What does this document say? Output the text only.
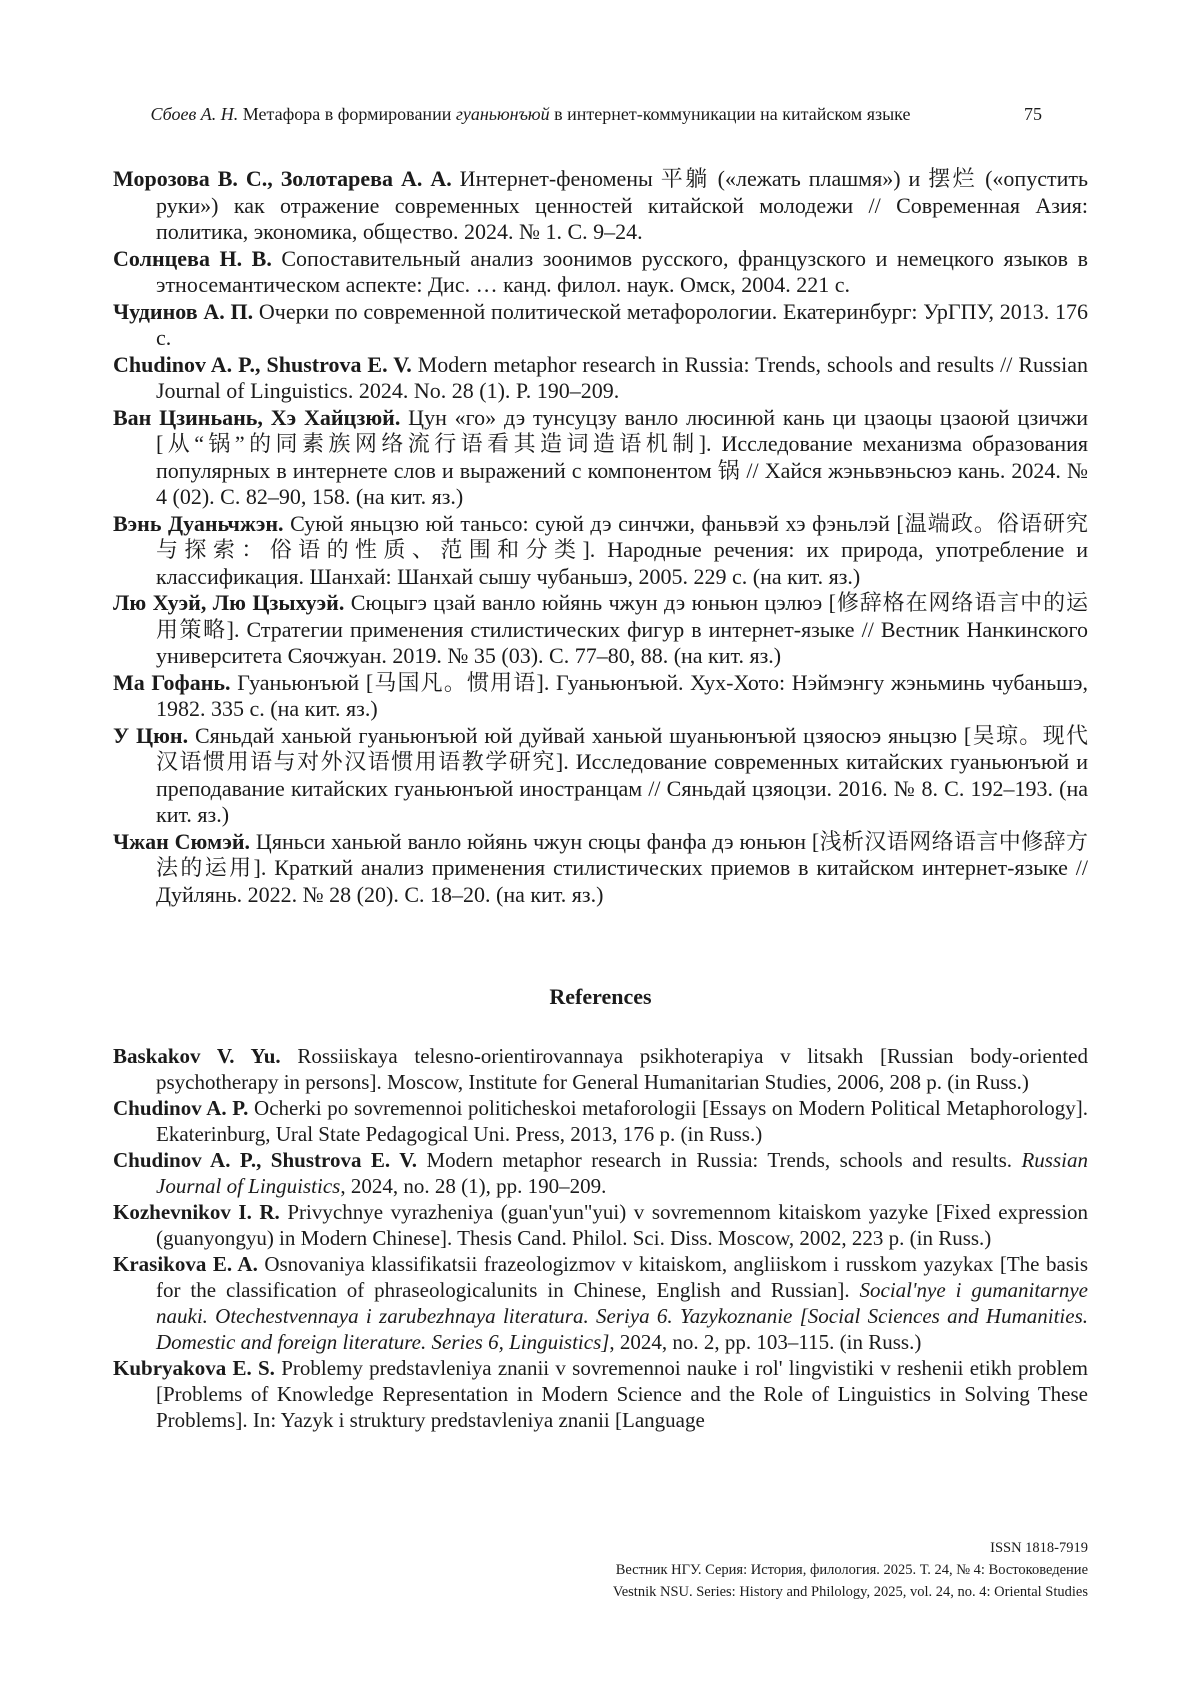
Сбоев А. Н. Метафора в формировании гуаньюнъюй в интернет-коммуникации на китайском языке	75

Морозова В. С., Золотарева А. А. Интернет-феномены 平躺 («лежать плашмя») и 摆烂 («опустить руки») как отражение современных ценностей китайской молодежи // Современная Азия: политика, экономика, общество. 2024. № 1. С. 9–24.

Солнцева Н. В. Сопоставительный анализ зоонимов русского, французского и немецкого языков в этносемантическом аспекте: Дис. … канд. филол. наук. Омск, 2004. 221 с.

Чудинов А. П. Очерки по современной политической метафорологии. Екатеринбург: УрГПУ, 2013. 176 с.

Chudinov A. P., Shustrova E. V. Modern metaphor research in Russia: Trends, schools and results // Russian Journal of Linguistics. 2024. No. 28 (1). P. 190–209.

Ван Цзиньань, Хэ Хайцзюй. Цун «го» дэ тунсуцзу ванло люсинюй кань ци цзаоцы цзаоюй цзичжи [从“锅”的同素族网络流行语看其造词造语机制]. Исследование механизма образования популярных в интернете слов и выражений с компонентом 锅 // Хайся жэньвэньсюэ кань. 2024. № 4 (02). С. 82–90, 158. (на кит. яз.)

Вэнь Дуаньчжэн. Суюй яньцзю юй таньсо: суюй дэ синчжи, фаньвэй хэ фэньлэй [温端政。俗语研究与探索：俗语的性质、范围和分类]. Народные речения: их природа, употребление и классификация. Шанхай: Шанхай сышу чубаньшэ, 2005. 229 с. (на кит. яз.)

Лю Хуэй, Лю Цзыхуэй. Сюцыгэ цзай ванло юйянь чжун дэ юньюн цэлюэ [修辞格在网络语言中的运用策略]. Стратегии применения стилистических фигур в интернет-языке // Вестник Нанкинского университета Сяочжуан. 2019. № 35 (03). С. 77–80, 88. (на кит. яз.)

Ма Гофань. Гуаньюнъюй [马国凡。惯用语]. Гуаньюнъюй. Хух-Хото: Нэймэнгу жэньминь чубаньшэ, 1982. 335 с. (на кит. яз.)

У Цюн. Сяньдай ханьюй гуаньюнъюй юй дуйвай ханьюй шуаньюнъюй цзяосюэ яньцзю [吴琼。现代汉语惯用语与对外汉语惯用语教学研究]. Исследование современных китайских гуаньюнъюй и преподавание китайских гуаньюнъюй иностранцам // Сяньдай цзяоцзи. 2016. № 8. С. 192–193. (на кит. яз.)

Чжан Сюмэй. Цяньси ханьюй ванло юйянь чжун сюцы фанфа дэ юньюн [浅析汉语网络语言中修辞方法的运用]. Краткий анализ применения стилистических приемов в китайском интернет-языке // Дуйлянь. 2022. № 28 (20). С. 18–20. (на кит. яз.)

References

Baskakov V. Yu. Rossiiskaya telesno-orientirovannaya psikhoterapiya v litsakh [Russian body-oriented psychotherapy in persons]. Moscow, Institute for General Humanitarian Studies, 2006, 208 p. (in Russ.)

Chudinov A. P. Ocherki po sovremennoi politicheskoi metaforologii [Essays on Modern Political Metaphorology]. Ekaterinburg, Ural State Pedagogical Uni. Press, 2013, 176 p. (in Russ.)

Chudinov A. P., Shustrova E. V. Modern metaphor research in Russia: Trends, schools and results. Russian Journal of Linguistics, 2024, no. 28 (1), pp. 190–209.

Kozhevnikov I. R. Privychnye vyrazheniya (guan'yun"yui) v sovremennom kitaiskom yazyke [Fixed expression (guanyongyu) in Modern Chinese]. Thesis Cand. Philol. Sci. Diss. Moscow, 2002, 223 p. (in Russ.)

Krasikova E. A. Osnovaniya klassifikatsii frazeologizmov v kitaiskom, angliiskom i russkom yazykax [The basis for the classification of phraseologicalunits in Chinese, English and Russian]. Social'nye i gumanitarnye nauki. Otechestvennaya i zarubezhnaya literatura. Seriya 6. Yazykoznanie [Social Sciences and Humanities. Domestic and foreign literature. Series 6, Linguistics], 2024, no. 2, pp. 103–115. (in Russ.)

Kubryakova E. S. Problemy predstavleniya znanii v sovremennoi nauke i rol' lingvistiki v reshenii etikh problem [Problems of Knowledge Representation in Modern Science and the Role of Linguistics in Solving These Problems]. In: Yazyk i struktury predstavleniya znanii [Language

ISSN 1818-7919
Вестник НГУ. Серия: История, филология. 2025. Т. 24, № 4: Востоковедение
Vestnik NSU. Series: History and Philology, 2025, vol. 24, no. 4: Oriental Studies
